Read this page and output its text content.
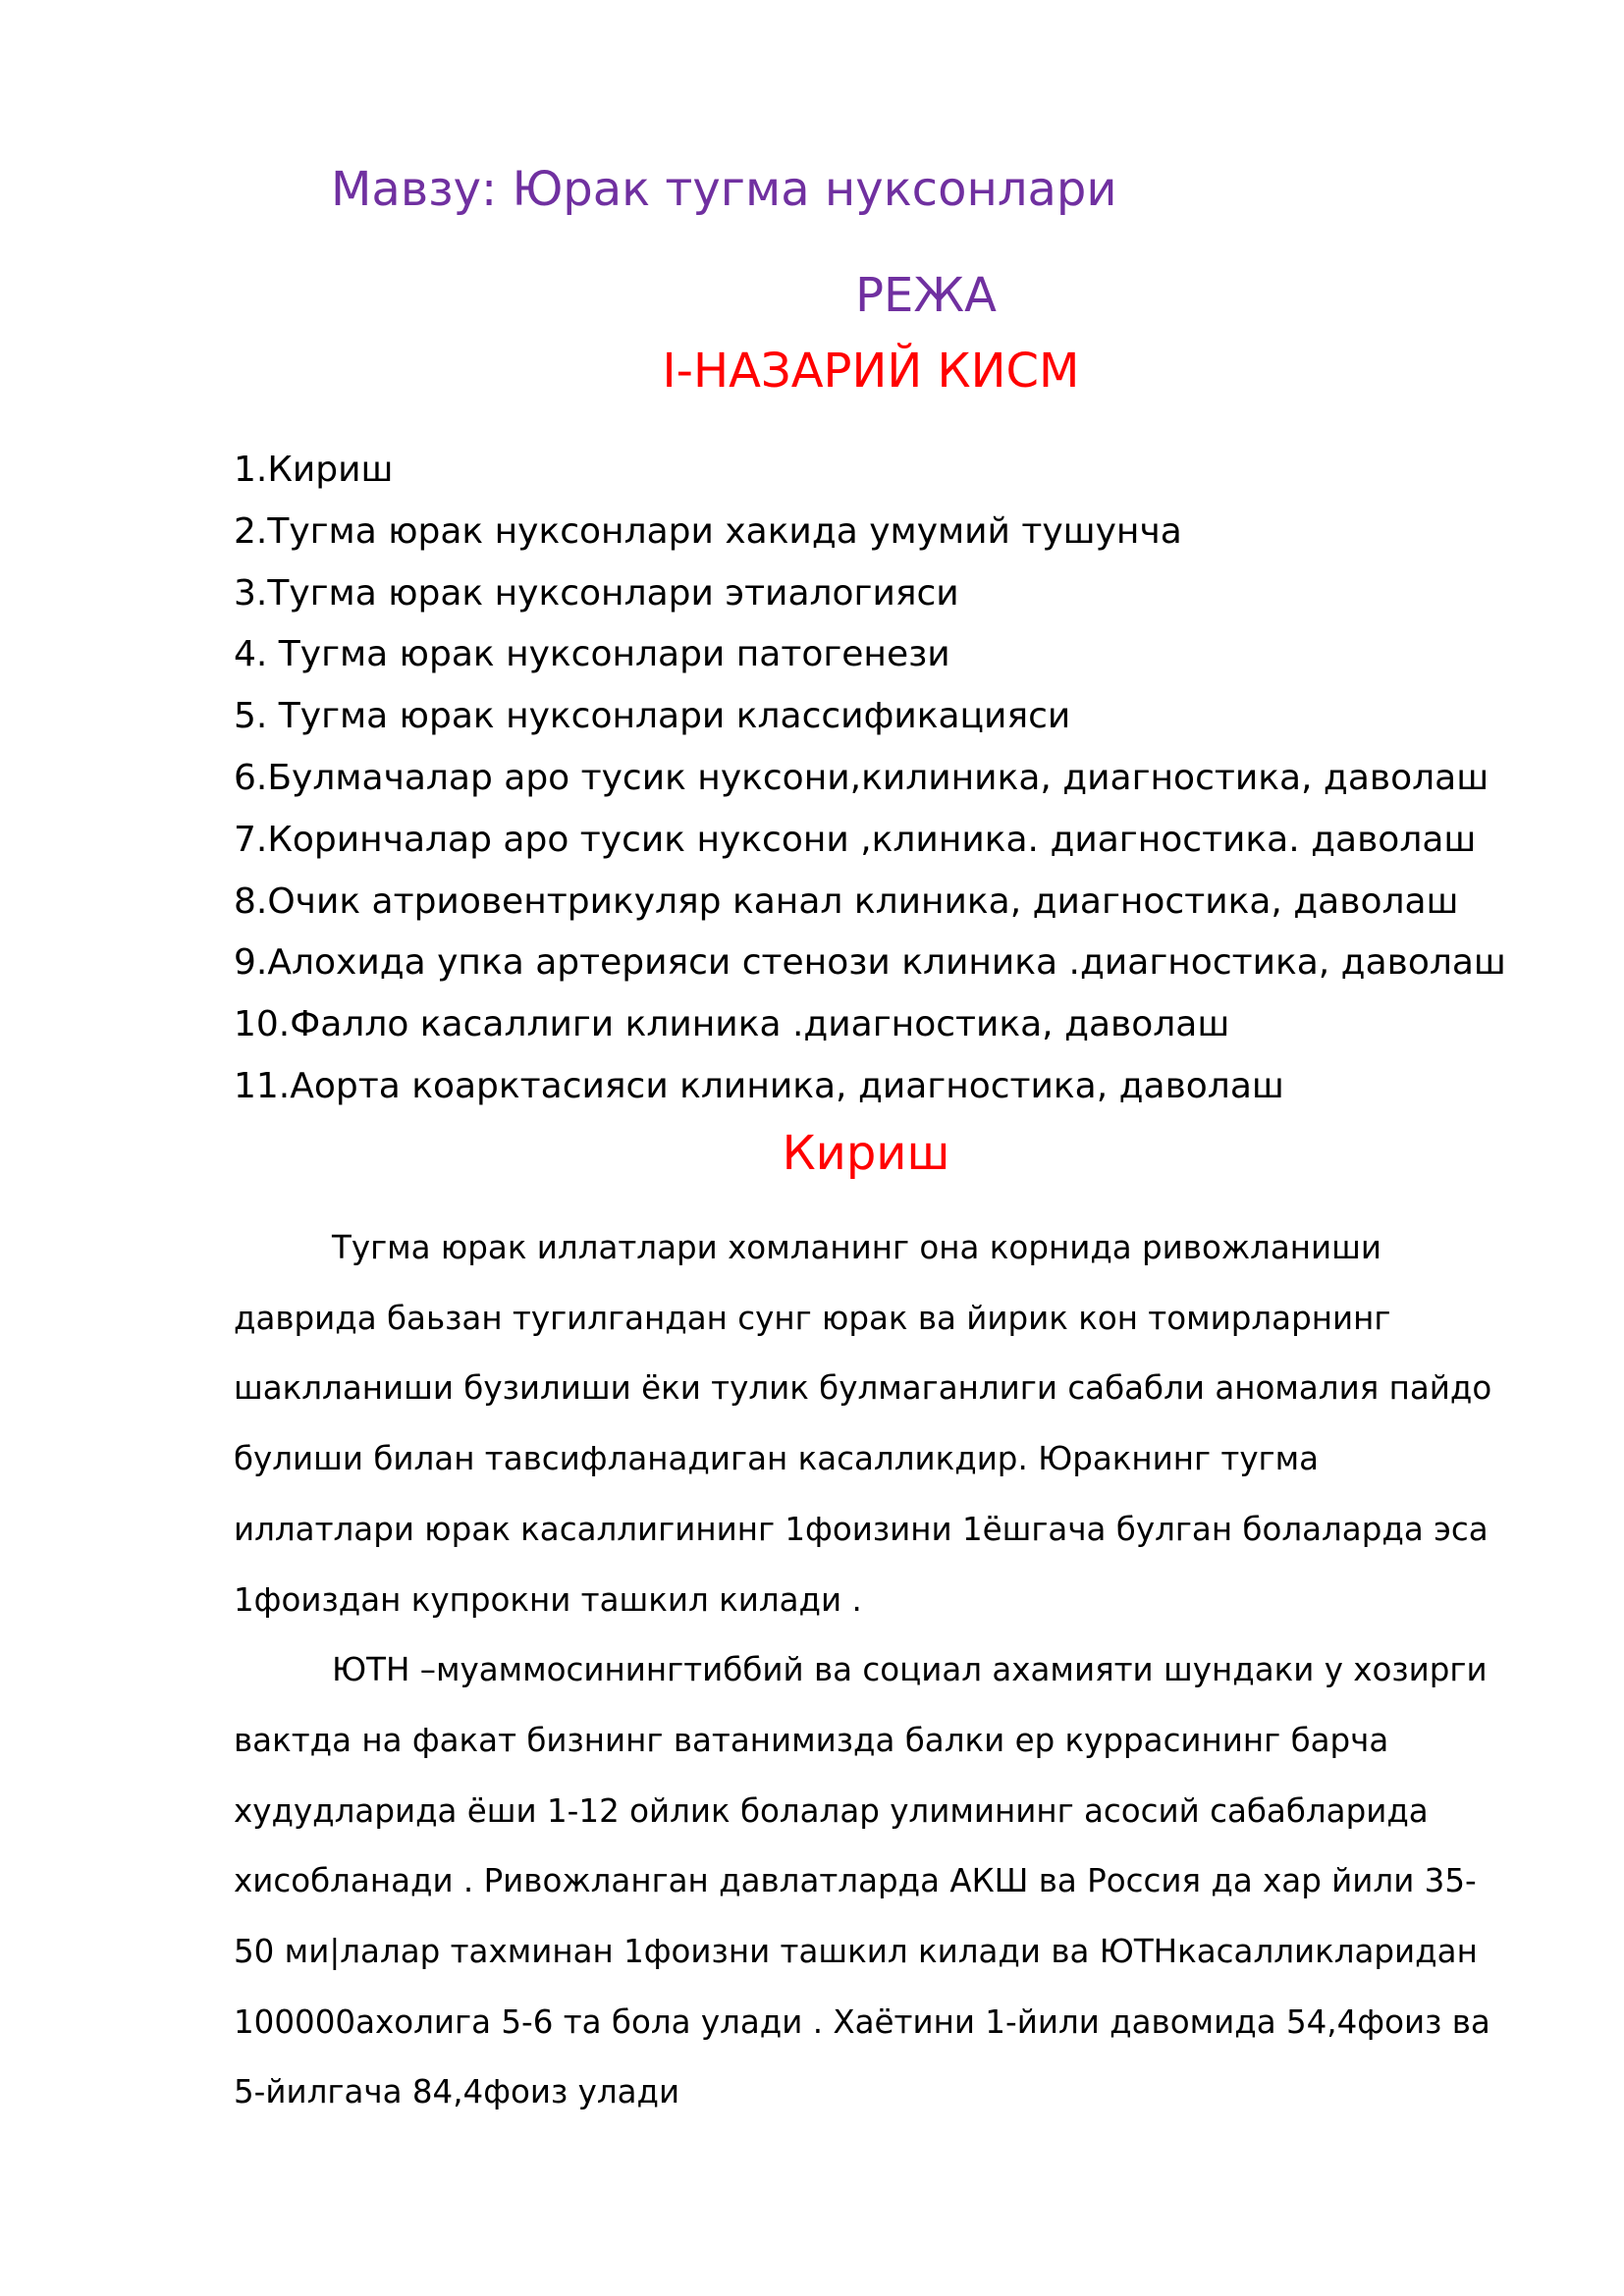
Мавзу: Юрак тугма нуксонлари
РЕЖА
I-НАЗАРИЙ КИСМ
1.Кириш
2.Тугма юрак нуксонлари хакида умумий тушунча
3.Тугма юрак нуксонлари этиалогияси
4. Тугма юрак нуксонлари патогенези
5. Тугма юрак нуксонлари классификацияси
6.Булмачалар аро тусик нуксони,килиника, диагностика, даволаш
7.Коринчалар аро тусик нуксони ,клиника. диагностика. даволаш
8.Очик атриовентрикуляр канал клиника, диагностика, даволаш
9.Алохида упка артерияси стенози клиника .диагностика, даволаш
10.Фалло касаллиги клиника .диагностика, даволаш
11.Аорта коарктасияси клиника, диагностика, даволаш
Кириш

Тугма юрак иллатлари хомланинг она корнида ривожланиши даврида баьзан тугилгандан сунг юрак ва йирик кон томирларнинг шаклланиши бузилиши ёки тулик булмаганлиги сабабли аномалия пайдо булиши билан тавсифланадиган касалликдир. Юракнинг тугма иллатлари юрак касаллигининг 1фоизини 1ёшгача булган болаларда эса 1фоиздан купрокни ташкил килади .

ЮТН –муаммосинингтиббий ва социал ахамияти шундаки у хозирги вактда на факат бизнинг ватанимизда балки ер куррасининг барча худудларида ёши 1-12 ойлик болалар улимининг асосий сабабларида хисобланади . Ривожланган давлатларда АКШ ва Россия да хар йили 35-50 ми|лалар тахминан 1фоизни ташкил килади ва ЮТНкасалликларидан 100000ахолига 5-6 та бола улади . Хаётини 1-йили давомида 54,4фоиз ва 5-йилгача 84,4фоиз улади
